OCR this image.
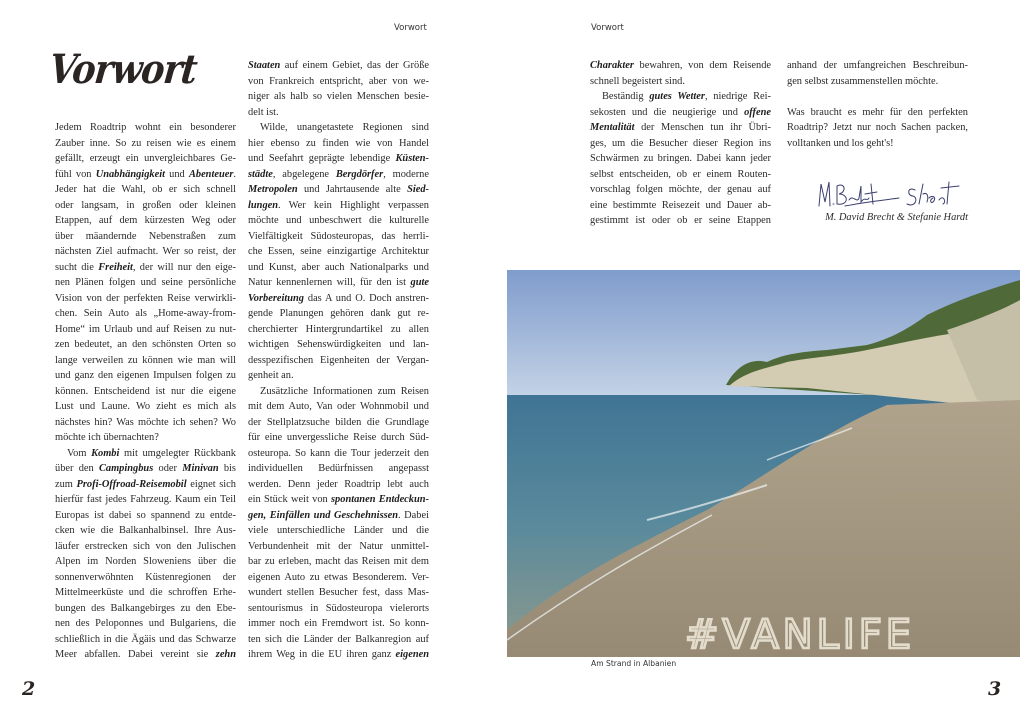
Vorwort	Vorwort
Vorwort
Jedem Roadtrip wohnt ein besonderer
Zauber inne. So zu reisen wie es einem
gefällt, erzeugt ein unvergleichbares Ge-
fühl von Unabhängigkeit und Abenteuer.
Jeder hat die Wahl, ob er sich schnell
oder langsam, in großen oder kleinen
Etappen, auf dem kürzesten Weg oder
über mäandernde Nebenstraßen zum
nächsten Ziel aufmacht. Wer so reist, der
sucht die Freiheit, der will nur den eige-
nen Plänen folgen und seine persönliche
Vision von der perfekten Reise verwirkli-
chen. Sein Auto als „Home-away-from-
Home“ im Urlaub und auf Reisen zu nut-
zen bedeutet, an den schönsten Orten so
lange verweilen zu können wie man will
und ganz den eigenen Impulsen folgen zu
können. Entscheidend ist nur die eigene
Lust und Laune. Wo zieht es mich als
nächstes hin? Was möchte ich sehen? Wo
möchte ich übernachten?
Vom Kombi mit umgelegter Rückbank
über den Campingbus oder Minivan bis
zum Profi-Offroad-Reisemobil eignet sich
hierfür fast jedes Fahrzeug. Kaum ein Teil
Europas ist dabei so spannend zu entde-
cken wie die Balkanhalbinsel. Ihre Aus-
läufer erstrecken sich von den Julischen
Alpen im Norden Sloweniens über die
sonnenverwöhnten Küstenregionen der
Mittelmeerküste und die schroffen Erhe-
bungen des Balkangebirges zu den Ebe-
nen des Peloponnes und Bulgariens, die
schließlich in die Ägäis und das Schwarze
Meer abfallen. Dabei vereint sie zehn
Staaten auf einem Gebiet, das der Größe
von Frankreich entspricht, aber von we-
niger als halb so vielen Menschen besie-
delt ist.
Wilde, unangetastete Regionen sind
hier ebenso zu finden wie von Handel
und Seefahrt geprägte lebendige Küsten-
städte, abgelegene Bergdörfer, moderne
Metropolen und Jahrtausende alte Sied-
lungen. Wer kein Highlight verpassen
möchte und unbeschwert die kulturelle
Vielfältigkeit Südosteuropas, das herrli-
che Essen, seine einzigartige Architektur
und Kunst, aber auch Nationalparks und
Natur kennenlernen will, für den ist gute
Vorbereitung das A und O. Doch anstren-
gende Planungen gehören dank gut re-
cherchierter Hintergrundartikel zu allen
wichtigen Sehenswürdigkeiten und lan-
desspezifischen Eigenheiten der Vergan-
genheit an.
Zusätzliche Informationen zum Reisen
mit dem Auto, Van oder Wohnmobil und
der Stellplatzsuche bilden die Grundlage
für eine unvergessliche Reise durch Süd-
osteuropa. So kann die Tour jederzeit den
individuellen Bedürfnissen angepasst
werden. Denn jeder Roadtrip lebt auch
ein Stück weit von spontanen Entdeckun-
gen, Einfällen und Geschehnissen. Dabei
viele unterschiedliche Länder und die
Verbundenheit mit der Natur unmittel-
bar zu erleben, macht das Reisen mit dem
eigenen Auto zu etwas Besonderem. Ver-
wundert stellen Besucher fest, dass Mas-
sentourismus in Südosteuropa vielerorts
immer noch ein Fremdwort ist. So konn-
ten sich die Länder der Balkanregion auf
ihrem Weg in die EU ihren ganz eigenen
Charakter bewahren, von dem Reisende
schnell begeistert sind.
Beständig gutes Wetter, niedrige Rei-
sekosten und die neugierige und offene
Mentalität der Menschen tun ihr Übri-
ges, um die Besucher dieser Region ins
Schwärmen zu bringen. Dabei kann jeder
selbst entscheiden, ob er einem Routen-
vorschlag folgen möchte, der genau auf
eine bestimmte Reisezeit und Dauer ab-
gestimmt ist oder ob er seine Etappen
anhand der umfangreichen Beschreibun-
gen selbst zusammenstellen möchte.
Was braucht es mehr für den perfekten
Roadtrip? Jetzt nur noch Sachen packen,
volltanken und los geht's!
M. David Brecht & Stefanie Hardt
#VANLIFE
Am Strand in Albanien
2	3
